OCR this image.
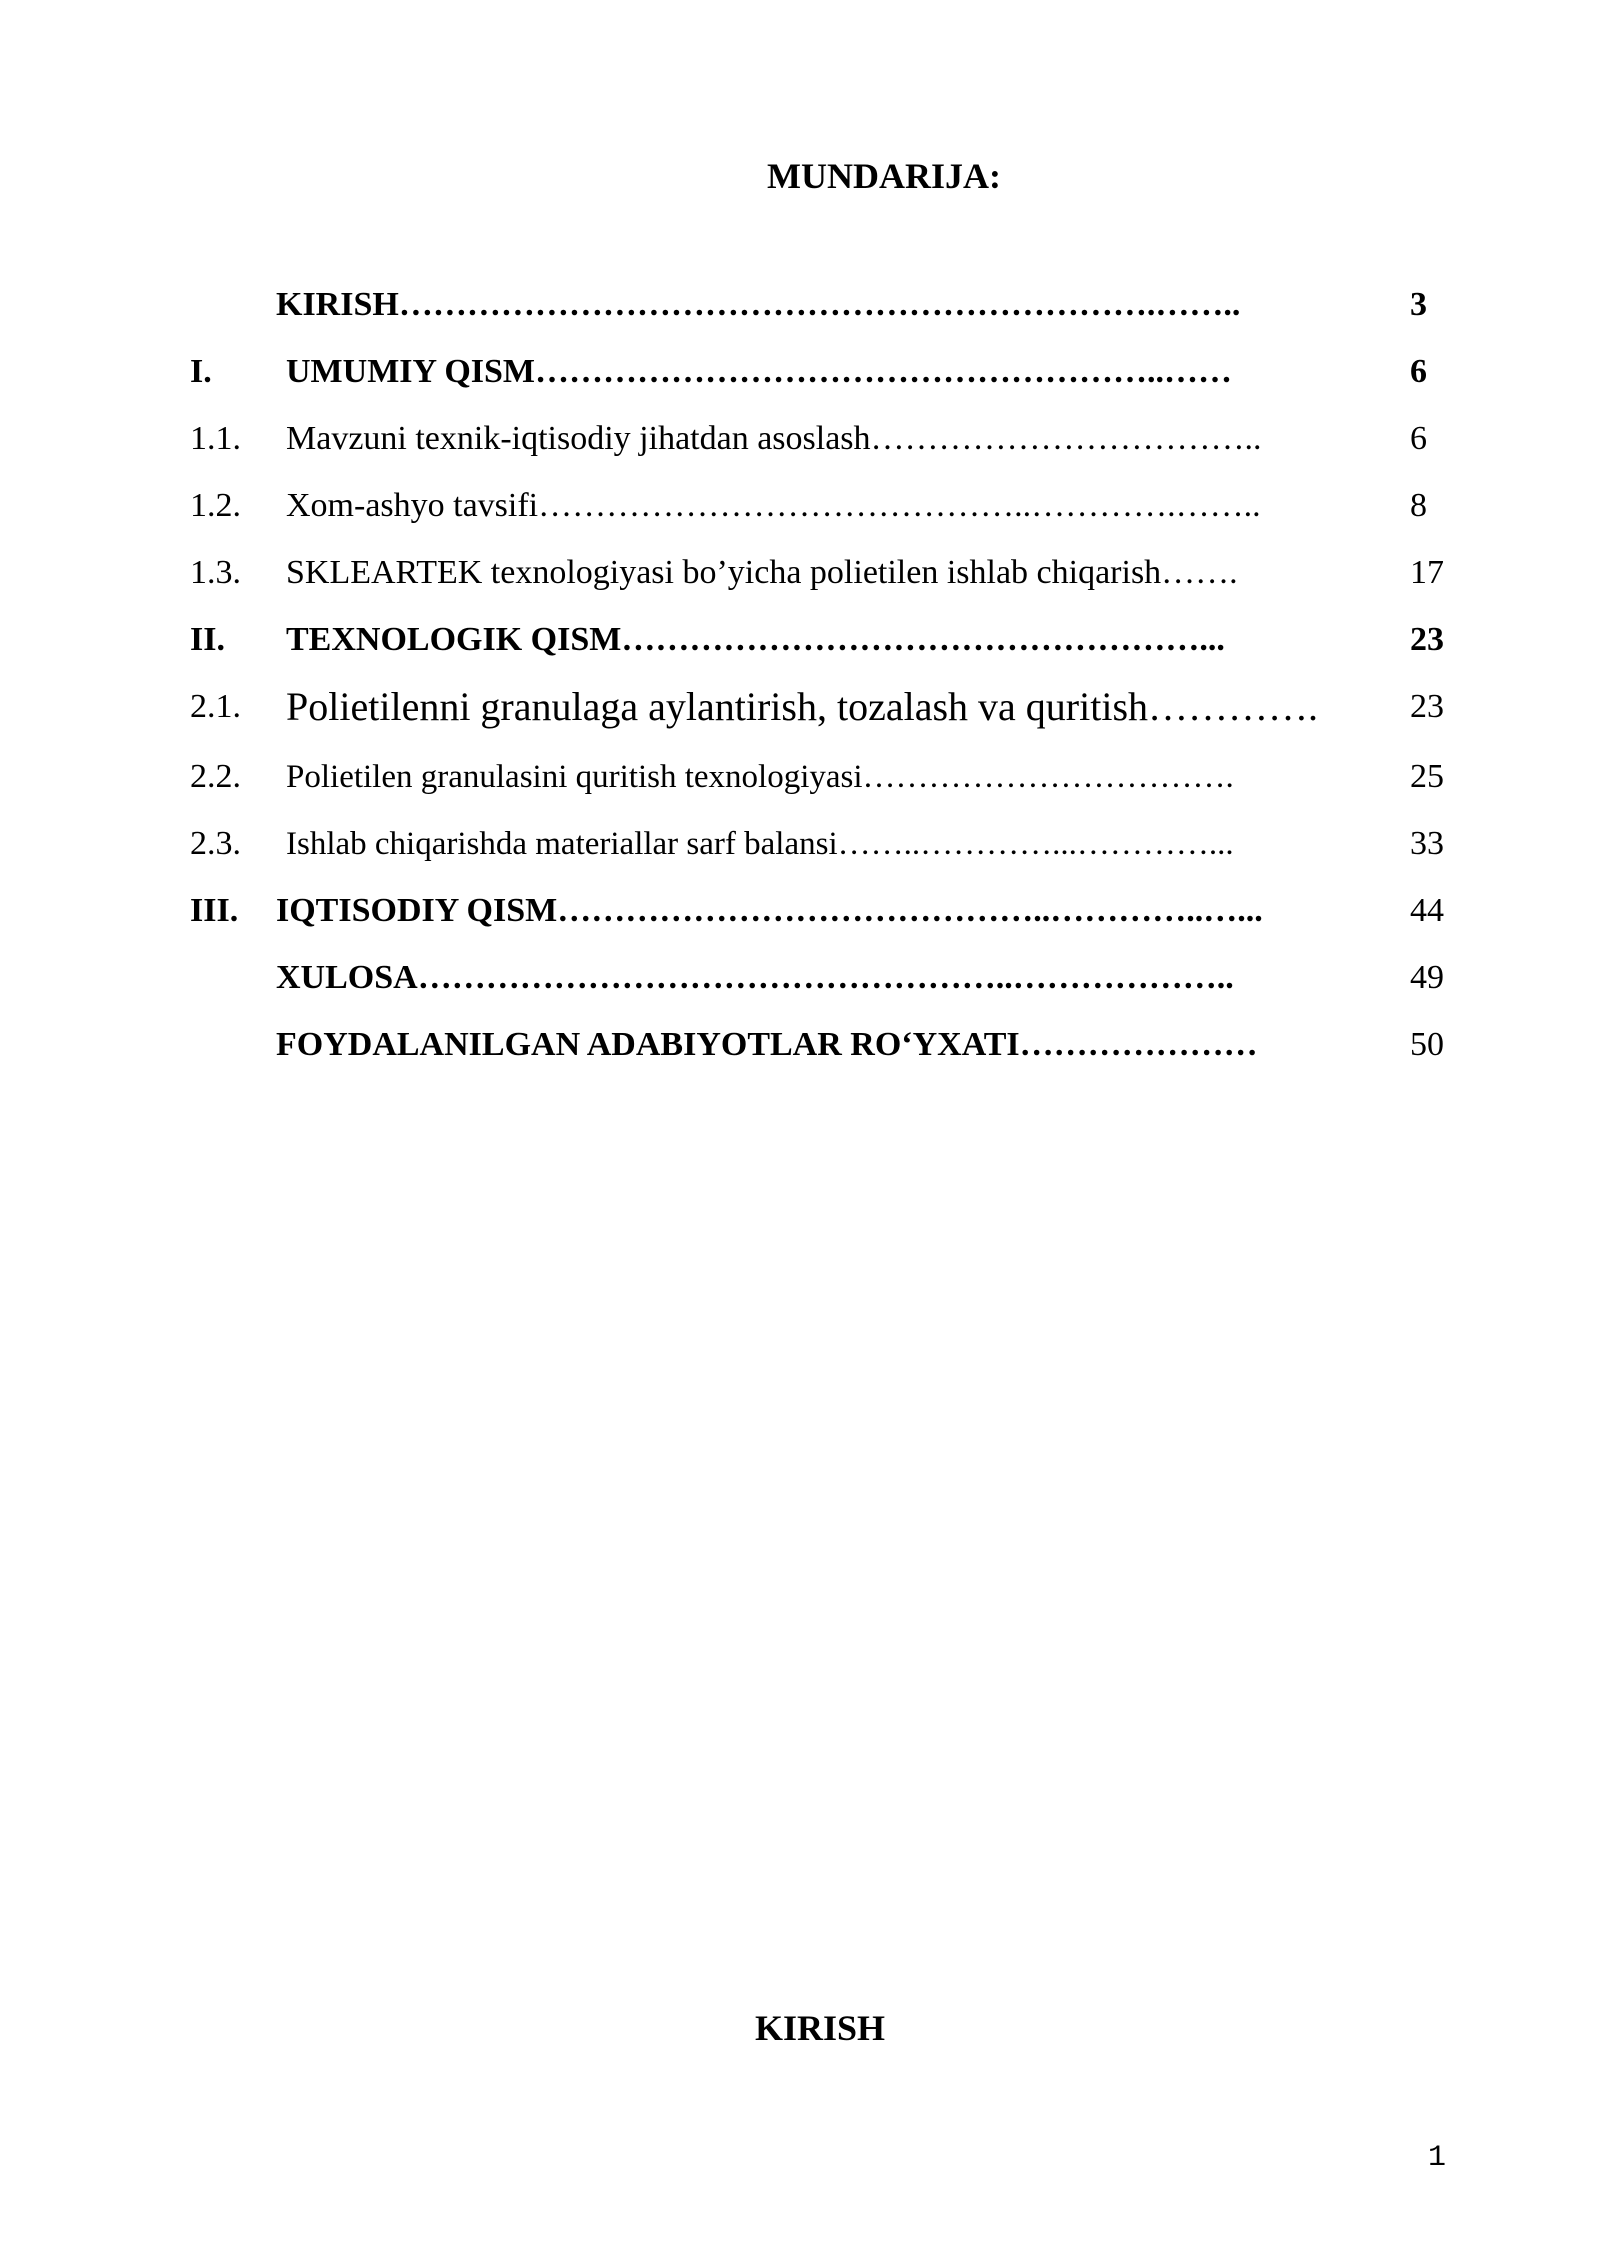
MUNDARIJA:
KIRISH………………………………………………………….……..	3
I. UMUMIY QISM………………………………………………..……	6
1.1. Mavzuni texnik-iqtisodiy jihatdan asoslash……………………………..	6
1.2. Xom-ashyo tavsifi……………………………………..………….……..	8
1.3. SKLEARTEK texnologiyasi bo’yicha polietilen ishlab chiqarish…….	17
II. TEXNOLOGIK QISM……………………………………………...	23
2.1. Polietilenni granulaga aylantirish, tozalash va quritish………….	23
2.2. Polietilen granulasini quritish texnologiyasi…………………………….	25
2.3. Ishlab chiqarishda materiallar sarf balansi……..…………...…………...	33
III. IQTISODIY QISM……………………………………..…………..…...	44
XULOSA……………………………………………..………………..	49
FOYDALANILGAN ADABIYOTLAR RO‘YXATI…………………	50
KIRISH
1
